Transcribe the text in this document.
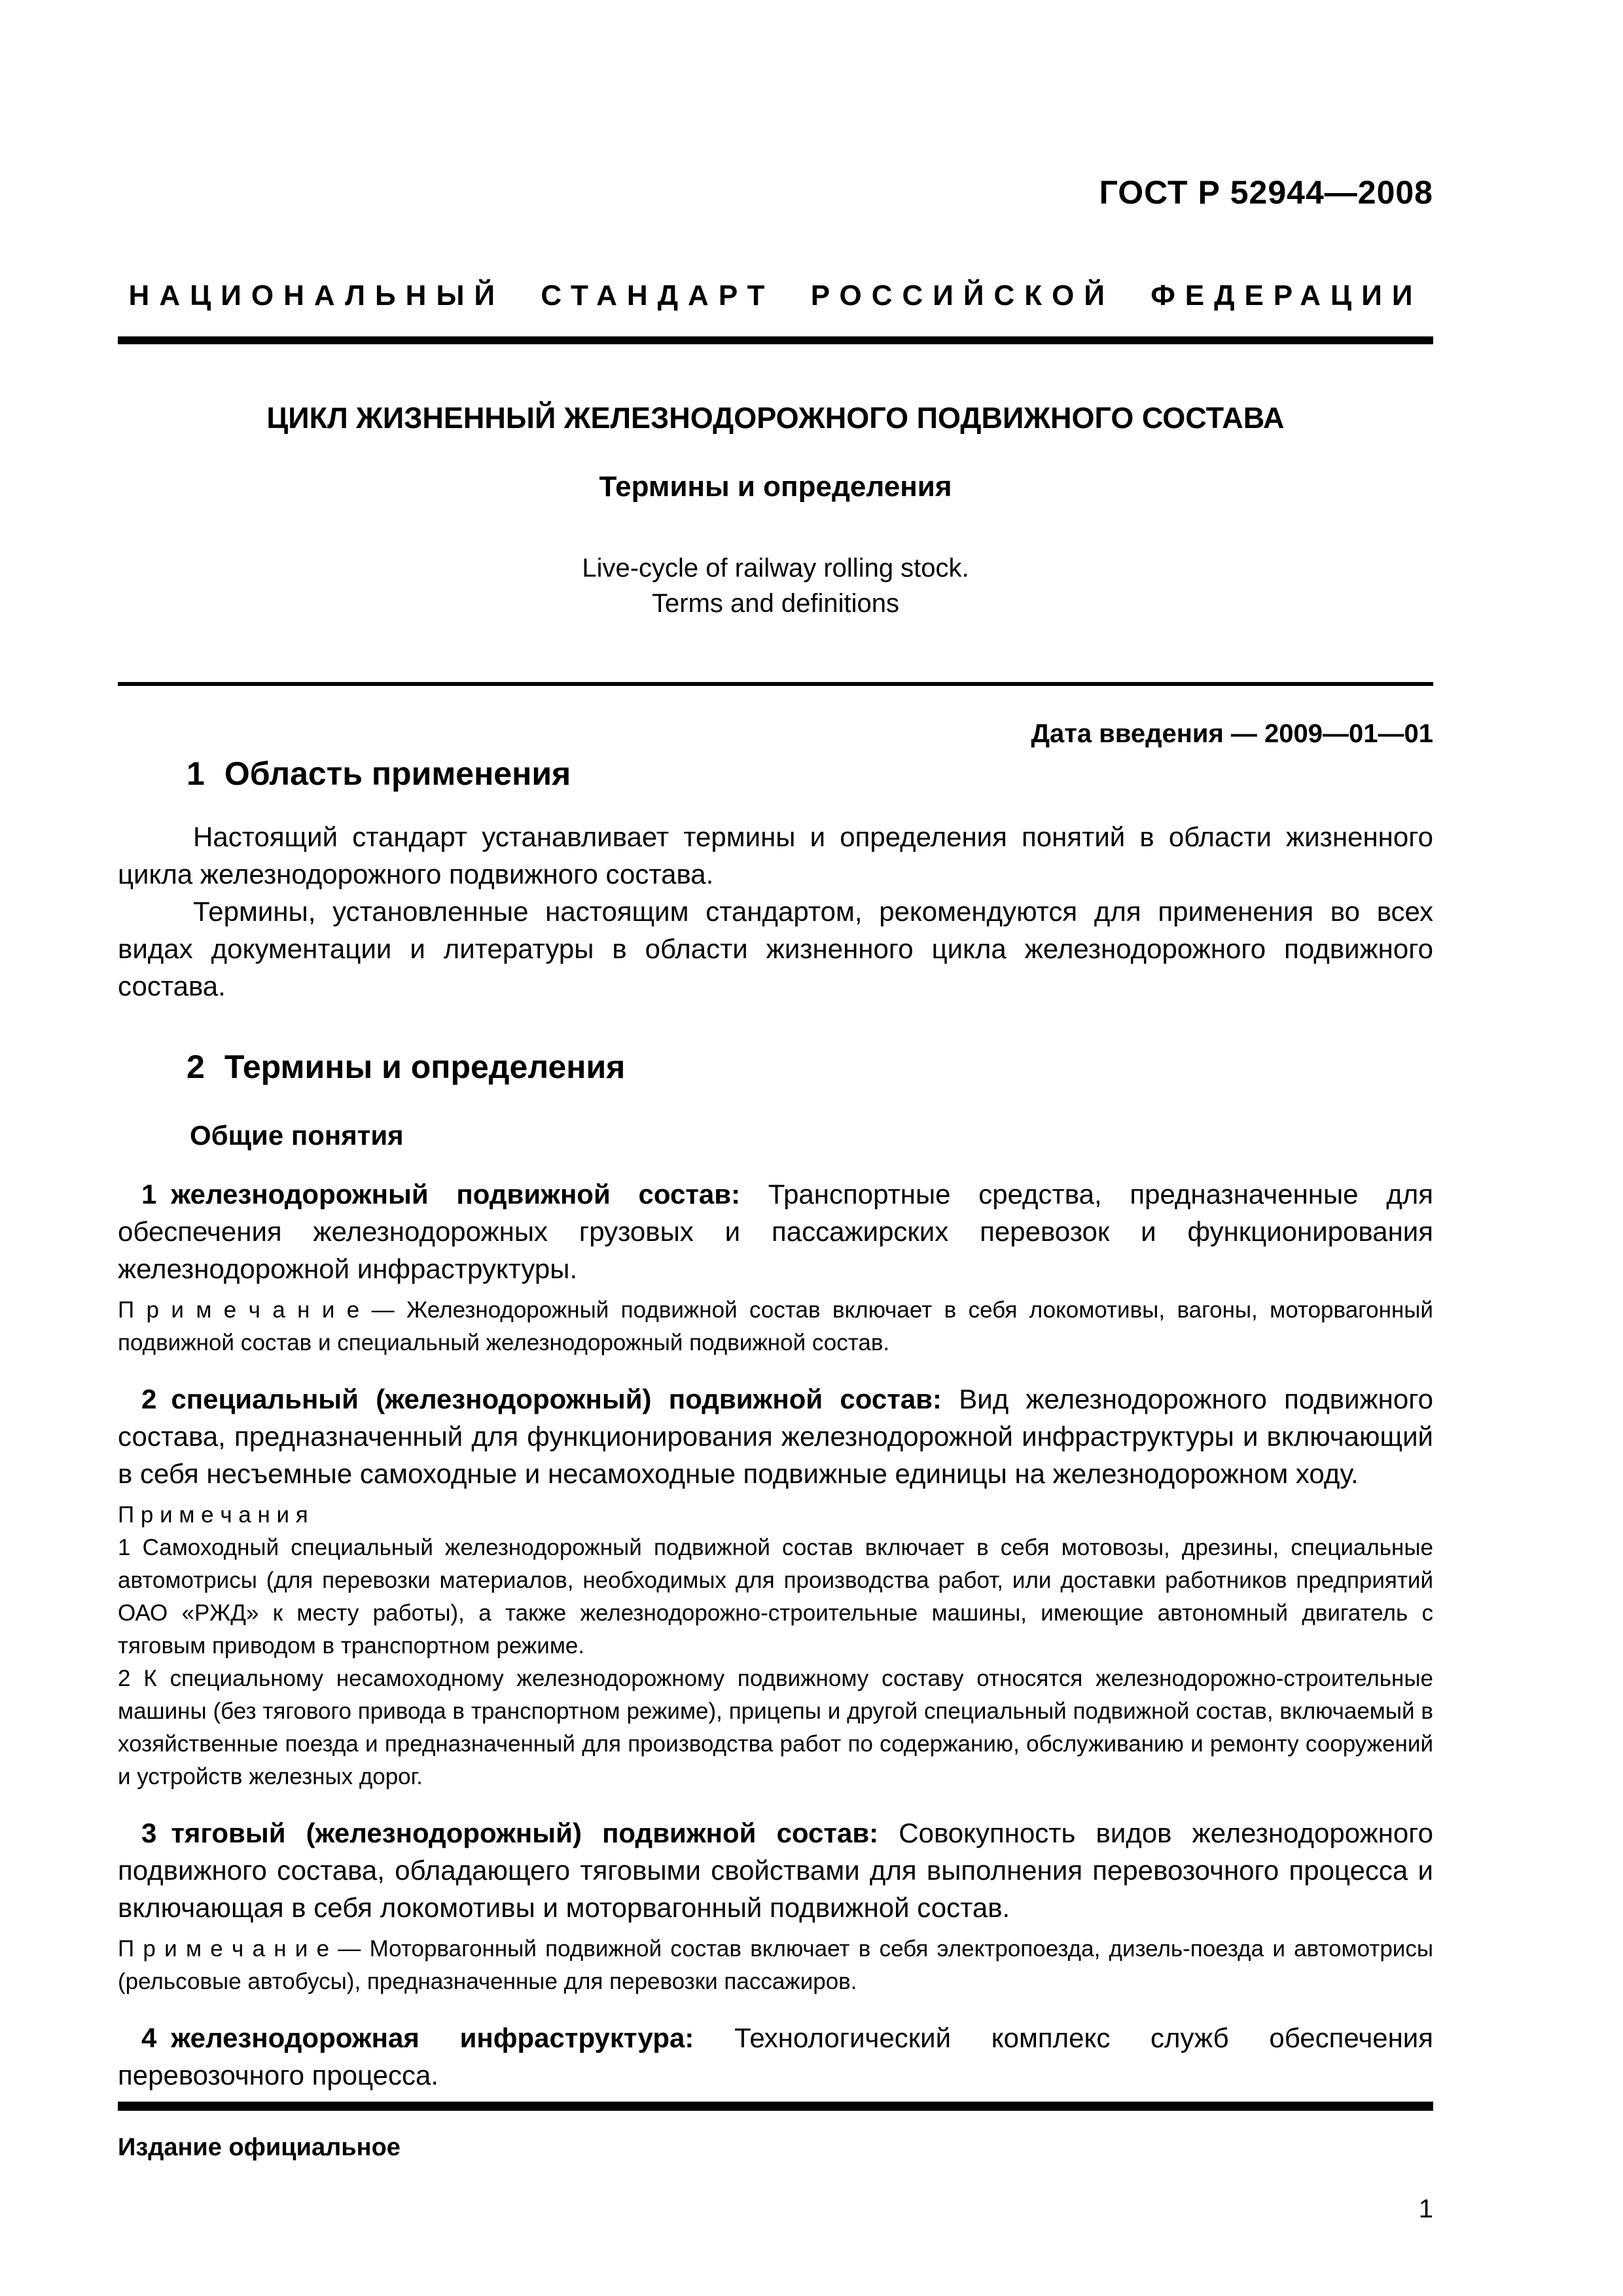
ГОСТ Р 52944—2008
НАЦИОНАЛЬНЫЙ СТАНДАРТ РОССИЙСКОЙ ФЕДЕРАЦИИ
ЦИКЛ ЖИЗНЕННЫЙ ЖЕЛЕЗНОДОРОЖНОГО ПОДВИЖНОГО СОСТАВА
Термины и определения
Live-cycle of railway rolling stock.
Terms and definitions
Дата введения — 2009—01—01
1 Область применения

Настоящий стандарт устанавливает термины и определения понятий в области жизненного цикла железнодорожного подвижного состава.

Термины, установленные настоящим стандартом, рекомендуются для применения во всех видах документации и литературы в области жизненного цикла железнодорожного подвижного состава.

2 Термины и определения
Общие понятия

1 железнодорожный подвижной состав: Транспортные средства, предназначенные для обеспечения железнодорожных грузовых и пассажирских перевозок и функционирования железнодорожной инфраструктуры.

П р и м е ч а н и е — Железнодорожный подвижной состав включает в себя локомотивы, вагоны, моторвагонный подвижной состав и специальный железнодорожный подвижной состав.

2 специальный (железнодорожный) подвижной состав: Вид железнодорожного подвижного состава, предназначенный для функционирования железнодорожной инфраструктуры и включающий в себя несъемные самоходные и несамоходные подвижные единицы на железнодорожном ходу.

П р и м е ч а н и я

1 Самоходный специальный железнодорожный подвижной состав включает в себя мотовозы, дрезины, специальные автомотрисы (для перевозки материалов, необходимых для производства работ, или доставки работников предприятий ОАО «РЖД» к месту работы), а также железнодорожно-строительные машины, имеющие автономный двигатель с тяговым приводом в транспортном режиме.

2 К специальному несамоходному железнодорожному подвижному составу относятся железнодорожно-строительные машины (без тягового привода в транспортном режиме), прицепы и другой специальный подвижной состав, включаемый в хозяйственные поезда и предназначенный для производства работ по содержанию, обслуживанию и ремонту сооружений и устройств железных дорог.

3 тяговый (железнодорожный) подвижной состав: Совокупность видов железнодорожного подвижного состава, обладающего тяговыми свойствами для выполнения перевозочного процесса и включающая в себя локомотивы и моторвагонный подвижной состав.

П р и м е ч а н и е — Моторвагонный подвижной состав включает в себя электропоезда, дизель-поезда и автомотрисы (рельсовые автобусы), предназначенные для перевозки пассажиров.

4 железнодорожная инфраструктура: Технологический комплекс служб обеспечения перевозочного процесса.

Издание официальное
1
